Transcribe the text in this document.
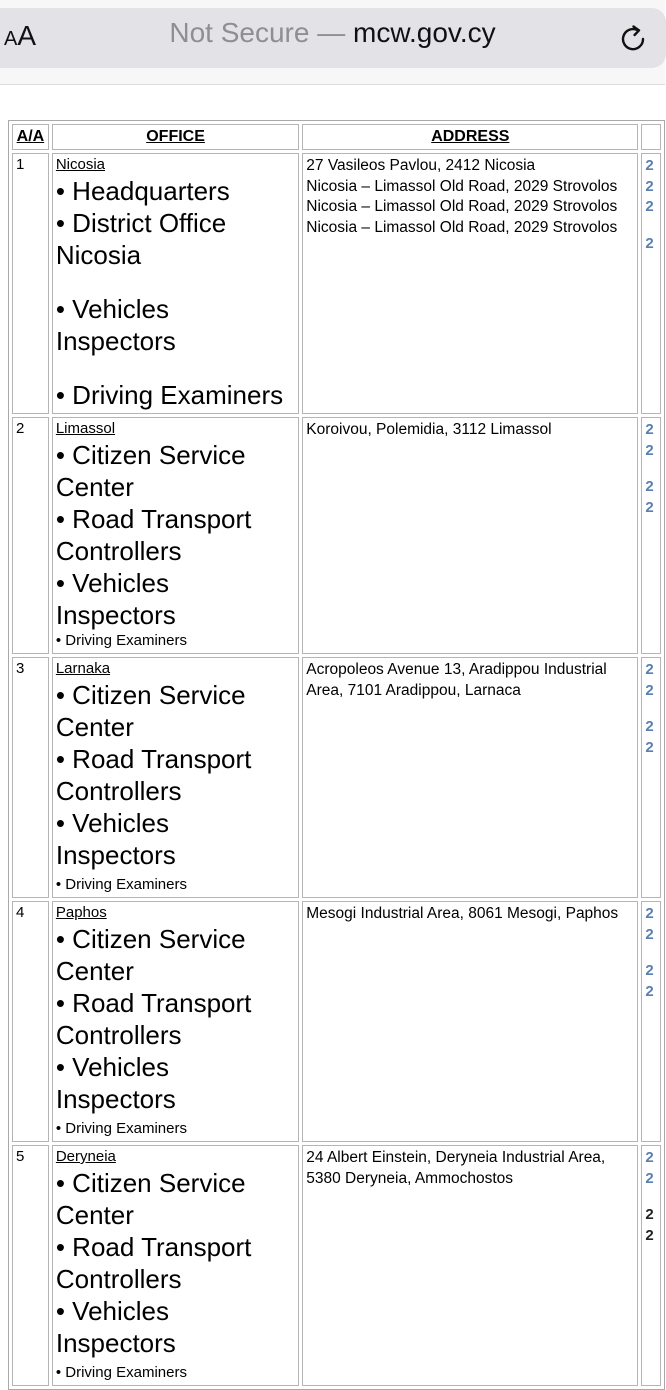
AA	Not Secure — mcw.gov.cy
A/A	OFFICE	ADDRESS	
1	Nicosia
• Headquarters
• District Office Nicosia
• Vehicles Inspectors
• Driving Examiners	27 Vasileos Pavlou, 2412 Nicosia
Nicosia – Limassol Old Road, 2029 Strovolos
Nicosia – Limassol Old Road, 2029 Strovolos
Nicosia – Limassol Old Road, 2029 Strovolos	2
2
2
2

2	Limassol
• Citizen Service Center
• Road Transport Controllers
• Vehicles Inspectors
• Driving Examiners	Koroivou, Polemidia, 3112 Limassol	2
2
2
2

3	Larnaka
• Citizen Service Center
• Road Transport Controllers
• Vehicles Inspectors
• Driving Examiners	Acropoleos Avenue 13, Aradippou Industrial Area, 7101 Aradippou, Larnaca	2
2
2
2

4	Paphos
• Citizen Service Center
• Road Transport Controllers
• Vehicles Inspectors
• Driving Examiners	Mesogi Industrial Area, 8061 Mesogi, Paphos	2
2
2
2

5	Deryneia
• Citizen Service Center
• Road Transport Controllers
• Vehicles Inspectors
• Driving Examiners	24 Albert Einstein, Deryneia Industrial Area, 5380 Deryneia, Ammochostos	2
2
2
2
